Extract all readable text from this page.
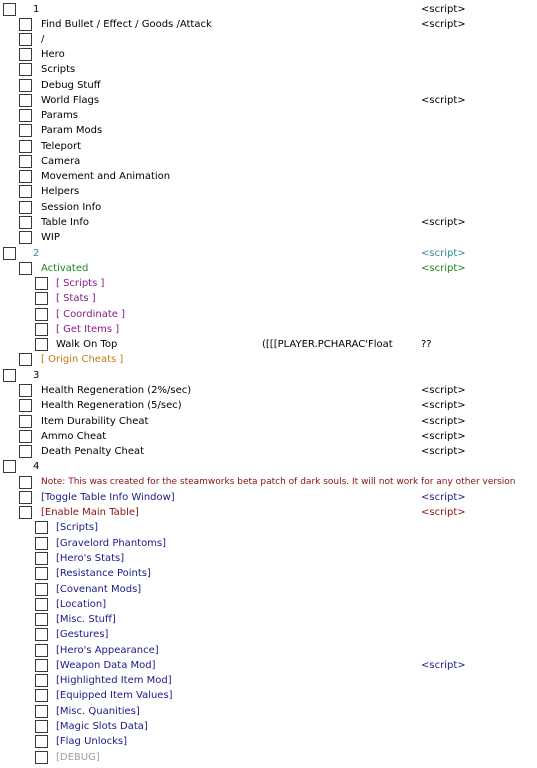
1	<script>
Find Bullet / Effect / Goods /Attack	<script>
/
Hero
Scripts
Debug Stuff
World Flags	<script>
Params
Param Mods
Teleport
Camera
Movement and Animation
Helpers
Session Info
Table Info	<script>
WIP
2	<script>
Activated	<script>
[ Scripts ]
[ Stats ]
[ Coordinate ]
[ Get Items ]
Walk On Top	([[[PLAYER.PCHARAC'Float	??
[ Origin Cheats ]
3
Health Regeneration (2%/sec)	<script>
Health Regeneration (5/sec)	<script>
Item Durability Cheat	<script>
Ammo Cheat	<script>
Death Penalty Cheat	<script>
4
Note: This was created for the steamworks beta patch of dark souls. It will not work for any other version
[Toggle Table Info Window]	<script>
[Enable Main Table]	<script>
[Scripts]
[Gravelord Phantoms]
[Hero's Stats]
[Resistance Points]
[Covenant Mods]
[Location]
[Misc. Stuff]
[Gestures]
[Hero's Appearance]
[Weapon Data Mod]	<script>
[Highlighted Item Mod]
[Equipped Item Values]
[Misc. Quanities]
[Magic Slots Data]
[Flag Unlocks]
[DEBUG]
